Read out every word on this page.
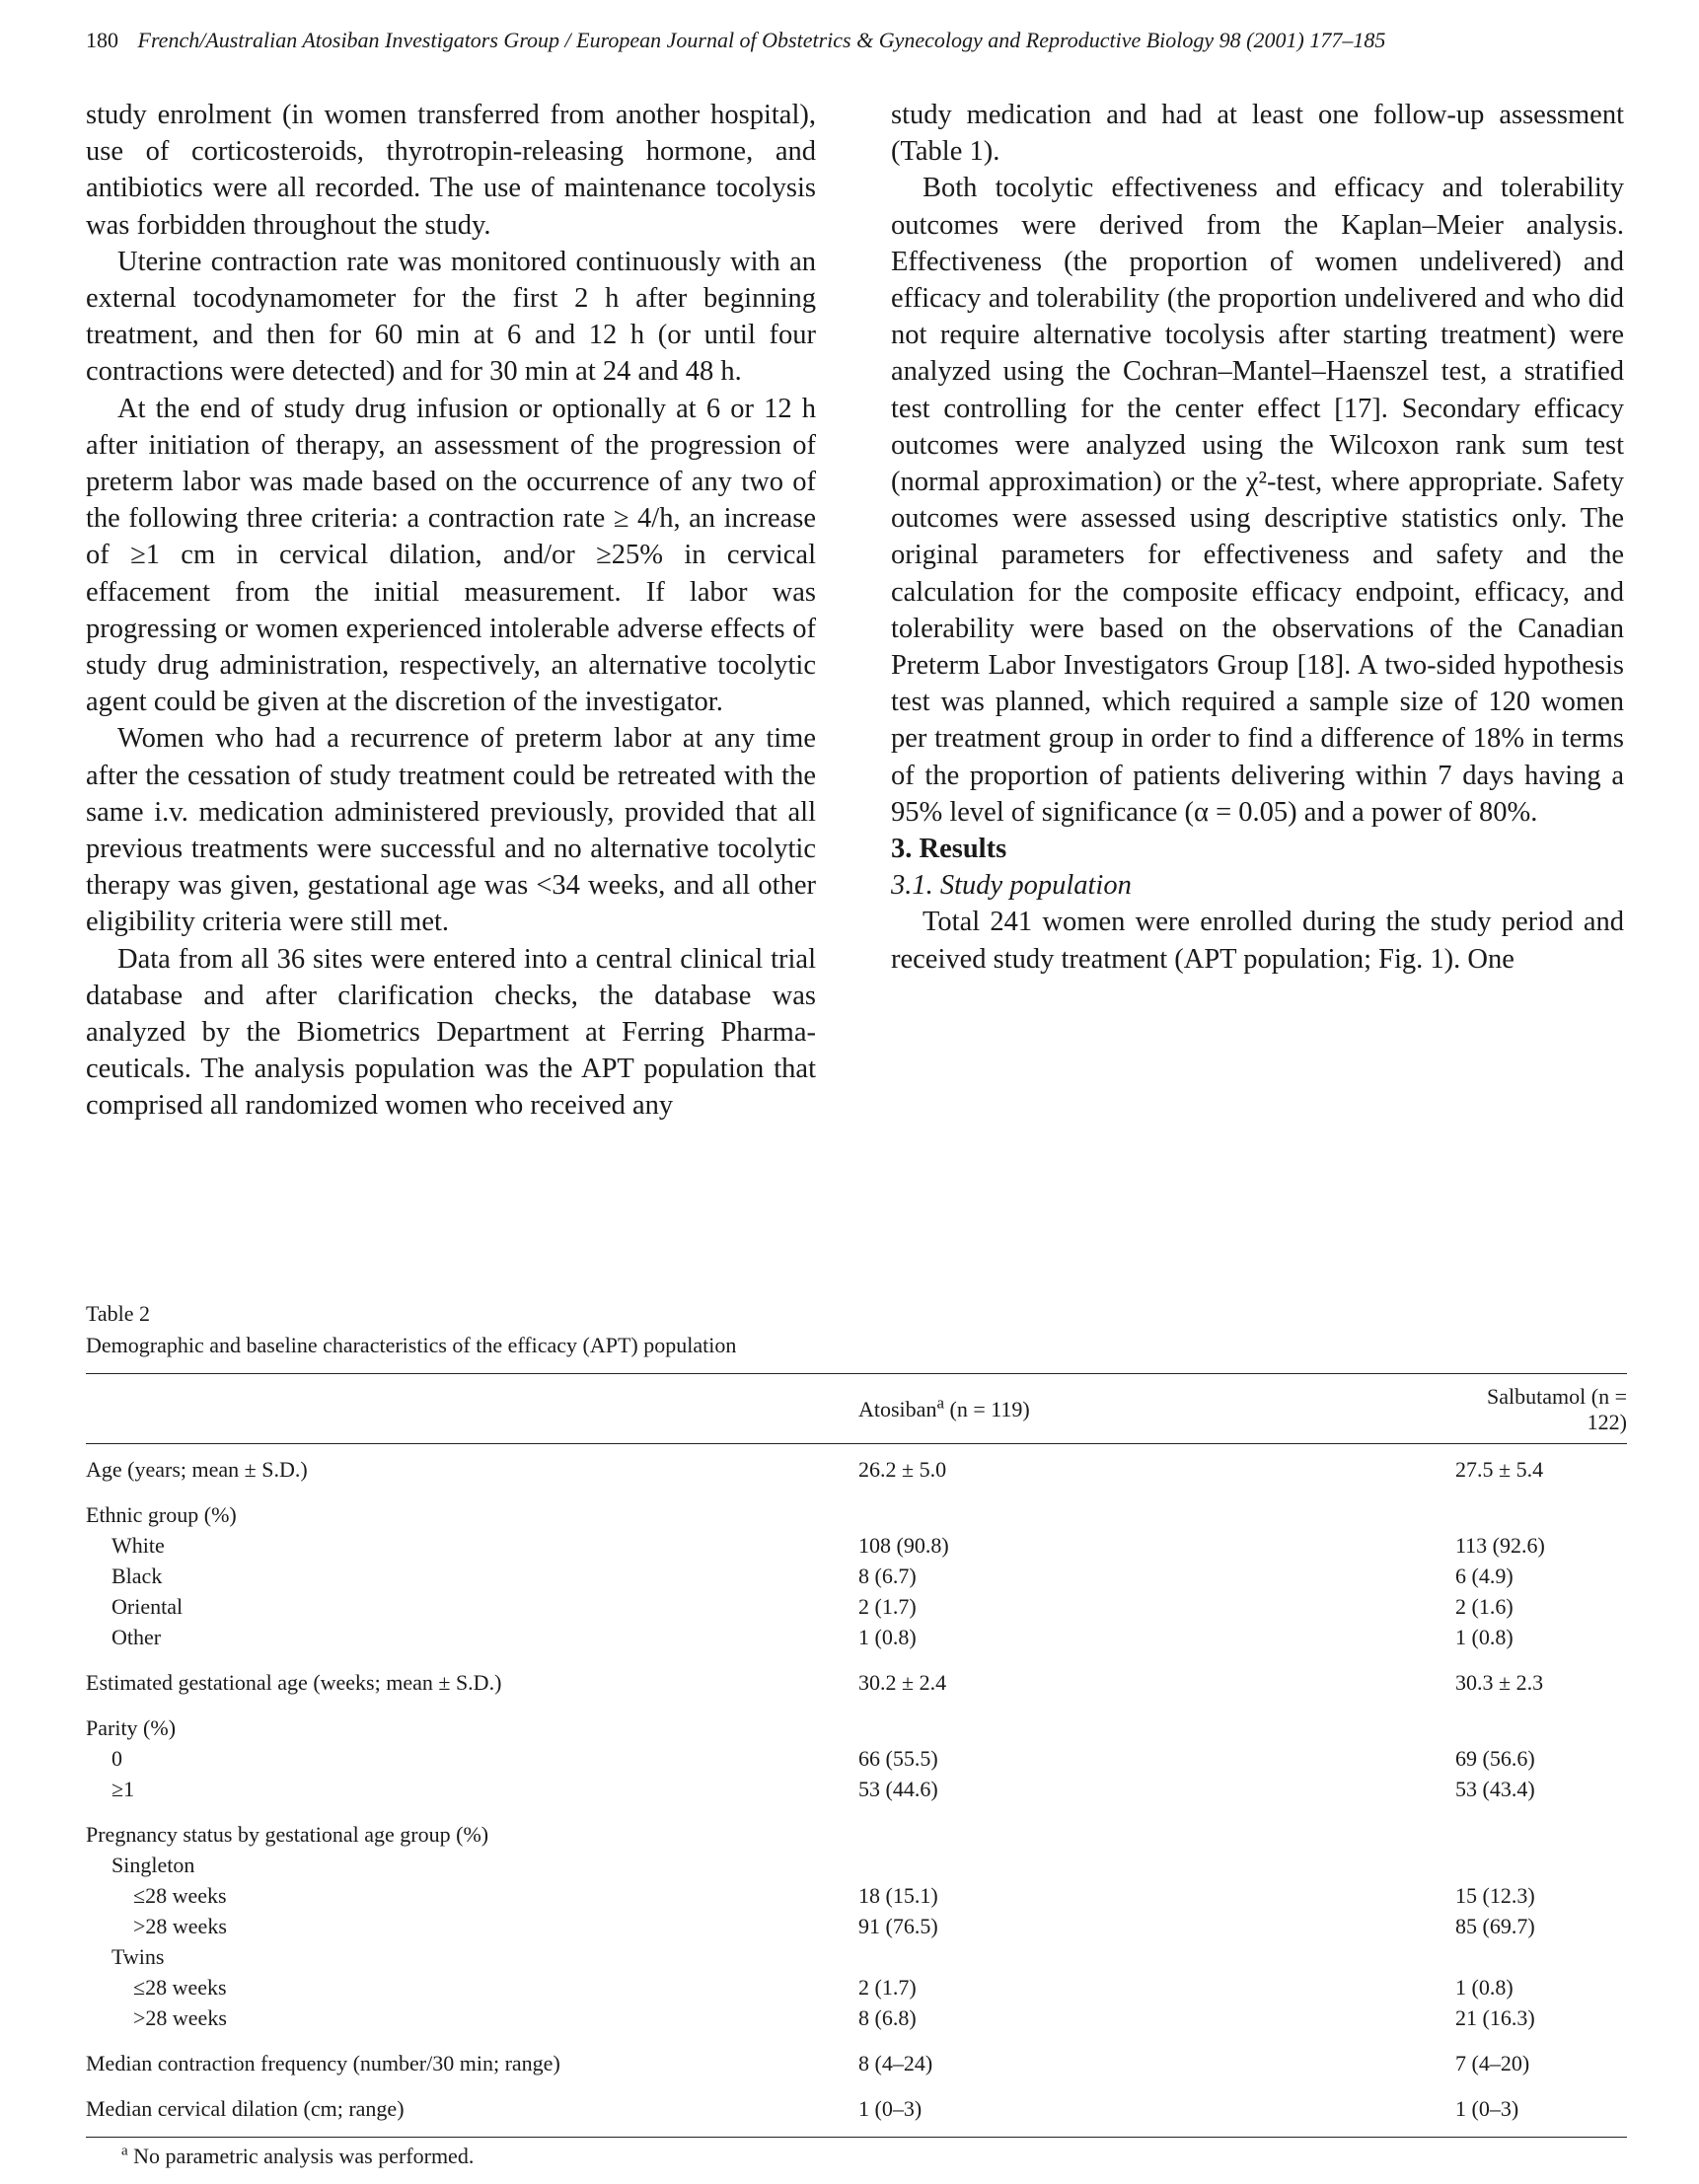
180 French/Australian Atosiban Investigators Group / European Journal of Obstetrics & Gynecology and Reproductive Biology 98 (2001) 177–185

study enrolment (in women transferred from another hospital), use of corticosteroids, thyrotropin-releasing hormone, and antibiotics were all recorded. The use of maintenance tocolysis was forbidden throughout the study.

Uterine contraction rate was monitored continuously with an external tocodynamometer for the first 2 h after beginning treatment, and then for 60 min at 6 and 12 h (or until four contractions were detected) and for 30 min at 24 and 48 h.

At the end of study drug infusion or optionally at 6 or 12 h after initiation of therapy, an assessment of the progression of preterm labor was made based on the occurrence of any two of the following three criteria: a contraction rate ≥ 4/h, an increase of ≥1 cm in cervical dilation, and/or ≥25% in cervical effacement from the initial measurement. If labor was progressing or women experienced intolerable adverse effects of study drug administration, respectively, an alternative tocolytic agent could be given at the discretion of the investigator.

Women who had a recurrence of preterm labor at any time after the cessation of study treatment could be retreated with the same i.v. medication administered previously, provided that all previous treatments were successful and no alternative tocolytic therapy was given, gestational age was <34 weeks, and all other eligibility criteria were still met.

Data from all 36 sites were entered into a central clinical trial database and after clarification checks, the database was analyzed by the Biometrics Department at Ferring Pharmaceuticals. The analysis population was the APT population that comprised all randomized women who received any

study medication and had at least one follow-up assessment (Table 1).

Both tocolytic effectiveness and efficacy and tolerability outcomes were derived from the Kaplan–Meier analysis. Effectiveness (the proportion of women undelivered) and efficacy and tolerability (the proportion undelivered and who did not require alternative tocolysis after starting treatment) were analyzed using the Cochran–Mantel–Haenszel test, a stratified test controlling for the center effect [17]. Secondary efficacy outcomes were analyzed using the Wilcoxon rank sum test (normal approximation) or the χ²-test, where appropriate. Safety outcomes were assessed using descriptive statistics only. The original parameters for effectiveness and safety and the calculation for the composite efficacy endpoint, efficacy, and tolerability were based on the observations of the Canadian Preterm Labor Investigators Group [18]. A two-sided hypothesis test was planned, which required a sample size of 120 women per treatment group in order to find a difference of 18% in terms of the proportion of patients delivering within 7 days having a 95% level of significance (α = 0.05) and a power of 80%.

3. Results

3.1. Study population

Total 241 women were enrolled during the study period and received study treatment (APT population; Fig. 1). One

Table 2
Demographic and baseline characteristics of the efficacy (APT) population
	Atosiban$^a$ (n = 119)	Salbutamol (n = 122)
Age (years; mean ± S.D.)	26.2 ± 5.0	27.5 ± 5.4
Ethnic group (%)		
White	108 (90.8)	113 (92.6)
Black	8 (6.7)	6 (4.9)
Oriental	2 (1.7)	2 (1.6)
Other	1 (0.8)	1 (0.8)
Estimated gestational age (weeks; mean ± S.D.)	30.2 ± 2.4	30.3 ± 2.3
Parity (%)		
0	66 (55.5)	69 (56.6)
≥1	53 (44.6)	53 (43.4)
Pregnancy status by gestational age group (%)		
Singleton		
≤28 weeks	18 (15.1)	15 (12.3)
>28 weeks	91 (76.5)	85 (69.7)
Twins		
≤28 weeks	2 (1.7)	1 (0.8)
>28 weeks	8 (6.8)	21 (16.3)
Median contraction frequency (number/30 min; range)	8 (4–24)	7 (4–20)
Median cervical dilation (cm; range)	1 (0–3)	1 (0–3)
$^a$ No parametric analysis was performed.
